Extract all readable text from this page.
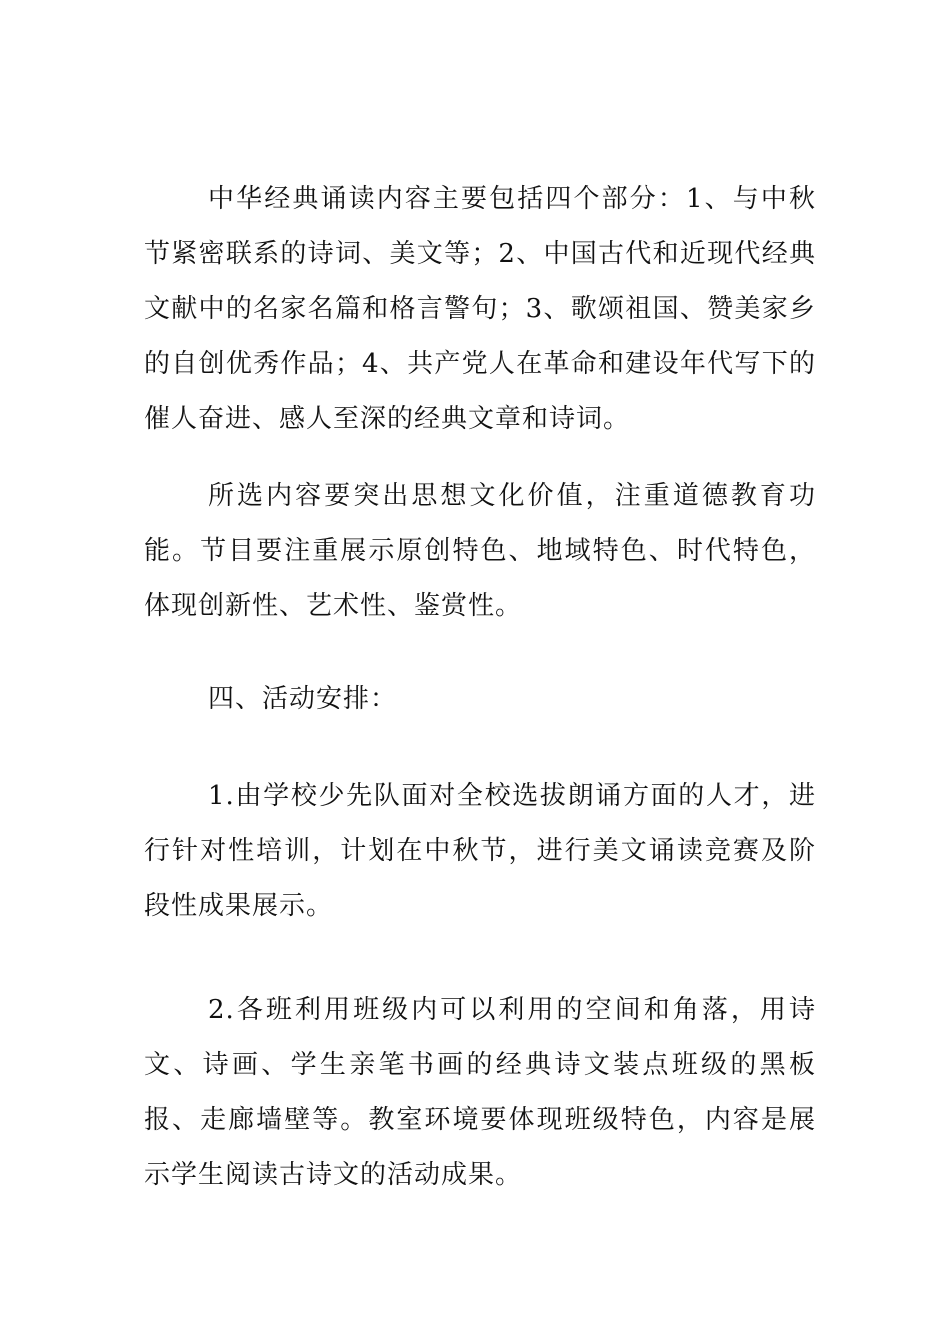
中华经典诵读内容主要包括四个部分：1、与中秋节紧密联系的诗词、美文等；2、中国古代和近现代经典文献中的名家名篇和格言警句；3、歌颂祖国、赞美家乡的自创优秀作品；4、共产党人在革命和建设年代写下的催人奋进、感人至深的经典文章和诗词。

所选内容要突出思想文化价值，注重道德教育功能。节目要注重展示原创特色、地域特色、时代特色，体现创新性、艺术性、鉴赏性。

四、活动安排：

1.由学校少先队面对全校选拔朗诵方面的人才，进行针对性培训，计划在中秋节，进行美文诵读竞赛及阶段性成果展示。

2.各班利用班级内可以利用的空间和角落，用诗文、诗画、学生亲笔书画的经典诗文装点班级的黑板报、走廊墙壁等。教室环境要体现班级特色，内容是展示学生阅读古诗文的活动成果。
